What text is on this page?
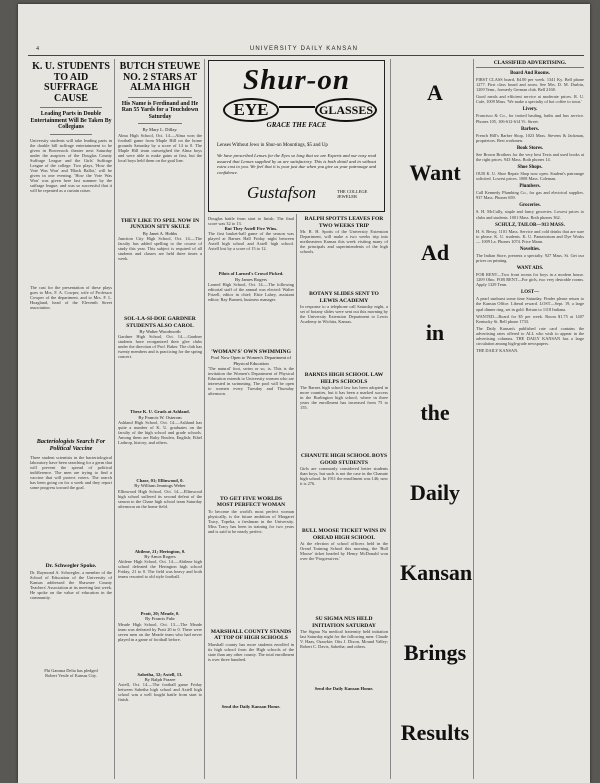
4	UNIVERSITY DAILY KANSAN
K. U. STUDENTS TO AID SUFFRAGE CAUSE
Leading Parts in Double Entertainment Will Be Taken By Collegians
University students will take leading parts in the double bill suffrage entertainment to be given in Bowersock theater next Saturday under the auspices of the Douglas County Suffrage League and the Girls' Suffrage League of the college. Two plays, 'How the Vote Was Won' and 'Black Ballot,' will be given in one evening. 'How the Vote Was Won' was given here last summer by the suffrage league, and was so successful that it will be repeated as a curtain raiser.
The cast for the presentation of these plays goes to Mrs. F. A. Cowper, wife of Professor Cowper of the department, and to Mrs. F. L. Hoagland, head of the Eleventh Street association.
Bacteriologists Search For Political Vaccine
Three student scientists in the bacteriological laboratory have been searching for a germ that will prevent the spread of political indifference. The men are trying to find a vaccine that will protect voters. The search has been going on for a week and they report some progress toward the goal.
Dr. Schwegler Spoke.
Dr. Raymond A. Schwegler, a member of the School of Education of the University of Kansas addressed the Shawnee County Teachers' Association at its meeting last week. He spoke on the value of education in the community.
Phi Gamma Delta has pledged
Robert Vestle of Kansas City.
BUTCH STEUWE NO. 2 STARS AT ALMA HIGH
His Name is Ferdinand and He Ran 55 Yards for a Touchdown Saturday
By Mary L. Dillay.
Alma High School, Oct. 14.—Alma won the football game from Maple Hill on the home grounds Saturday by a score of 14 to 0. The Maple Hill team outweighed the Alma boys and were able to make gains at first, but the local boys held them on the goal line.
THEY LIKE TO SPEL NOW IN JUNXION SITY SKULE
By Janet A. Hobbs
Junction City High School, Oct. 14.—The faculty has added spelling to the course of study this year. This subject is required of all students and classes are held three times a week.
SOL-LA-SI-DOE GARDNER STUDENTS ALSO CAROL
By Walter Woodworth
Gardner High School, Oct. 14.—Gardner students have reorganized their glee clubs under the direction of Prof. Baker. The club has twenty members and is practicing for the spring concert.
These K. U. Grads at Ashland.
By Francis W. Osterom
Ashland High School, Oct. 14.—Ashland has quite a number of K. U. graduates on the faculty of the high school and grade schools. Among them are Ruby Boulen, English; Ethel Lathrop, history; and others.
Chase, 01; Ellinwood, 0.
By William Jennings Weber
Ellinwood High School, Oct. 14.—Ellinwood high school suffered its second defeat of the season to the Chase high school team Saturday afternoon on the home field.
Abilene, 21; Herington, 0.
By Amos Rogers
Abilene High School, Oct. 14.—Abilene high school defeated the Herington high school Friday, 21 to 0. The field was heavy and both teams resorted to old style football.
Pratt, 20; Meade, 0.
By Francis Fuhr
Meade High School, Oct. 13.—The Meade team was defeated by Pratt 20 to 0. There were seven men on the Meade team who had never played in a game of football before.
Sabetha, 32; Axtell, 13.
By Ralph Frazee
Axtell, Oct. 14.—The football game Friday between Sabetha high school and Axtell high school was a well fought battle from start to finish.
Shur-on
EYE	GLASSES
GRACE THE FACE
Lenses Without Jews in Shur-on Mountings, $5 and Up
We have prescribed Lenses for the Eyes so long that we are Experts and our easy read assured that Lenses supplied by us are satisfactory. This is both detail and in without extra cost to you. We feel that it is your just due when you give us your patronage and confidence.
Gustafson	THE COLLEGE JEWELER
Douglas battle from start to finish. The final score was 32 to 13.
But They Axtell Five Wins.
The first basket-ball game of the season was played at Barnes Hall Friday night between Axtell high school and Axtell high school. Axtell lost by a score of 15 to 12.
Pilots of Larned's Crowd Picked.
By James Rogers
Larned High School, Oct. 14.—The following editorial staff of the annual was elected: Walter Frizell, editor in chief; Elsie Lahey, assistant editor; Ray Burnett, business manager.
'WOMAN'S' OWN SWIMMING
Pool Now Open to Women's Department of Physical Education
'The natural' foot, swim or so, is. This is the invitation the Women's Department of Physical Education extends to University women who are interested in swimming. The pool will be open to women every Tuesday and Thursday afternoon.
TO GET FIVE WORLDS
MOST PERFECT WOMAN
To become the world's most perfect woman physically, is the future ambition of Margaret Tracy, Topeka, a freshman in the University. Miss Tracy has been in training for two years and is said to be nearly perfect.
MARSHALL COUNTY STANDS AT TOP OF HIGH SCHOOLS
Marshall county has more students enrolled in its high school from the High schools of the state than any other county. The total enrollment is over three hundred.
Send the Daily Kansan Home.
RALPH SPOTTS LEAVES FOR TWO WEEKS TRIP
Mr. R. H. Spotts of the University Extension Department, will make a two weeks trip into northeastern Kansas this week visiting many of the principals and superintendents of the high schools.
BOTANY SLIDES SENT TO LEWIS ACADEMY
In response to a telephone call Saturday night, a set of botany slides were sent out this morning by the University Extension Department to Lewis Academy in Wichita, Kansas.
BARNES HIGH SCHOOL LAW HELPS SCHOOLS
The Barnes high school law has been adopted in more counties, but it has been a marked success in the Burlington high school, where in three years the enrollment has increased from 75 to 155.
CHANUTE HIGH SCHOOL BOYS GOOD STUDENTS
Girls are commonly considered better students than boys, but such is not the case in the Chanute high school. In 1911 the enrollment was 146; now it is 276.
BULL MOOSE TICKET WINS IN OREAD HIGH SCHOOL
At the election of school officers held in the Oread Training School this morning, the 'Bull Moose' ticket headed by Henry McDonald won over the 'Progressives.'
SU SIGMA NUS HELD INITIATION SATURDAY
The Sigma Nu medical fraternity held initiation last Saturday night for the following men: Claude V. Haas, Ozawkie; Otis J. Dixon, Mound Valley; Robert C. Davis, Sabetha; and others.
Send the Daily Kansan Home.
A
Want
Ad
in
the
Daily
Kansan
Brings
Results
CLASSIFIED ADVERTISING.
Board And Rooms.
FIRST CLASS board, $4.00 per week. 1341 Ky. Bell phone 1277. First class board and room. See Mrs. D. M. Durbin, 1209 Tenn., formerly German club. Bell 2168.
Good meals and efficient service at moderate prices. R. U. Cafe, 1009 Mass. 'We make a specialty of hot coffee to town.'
Livery.
Francisco & Co., for trotted hauling, baths and bus service. Phones 105, 106-612-614 Vt. Street.
Barbers.
French Hill's Barber Shop, 1023 Mass. Stevens & Jackman, proprietors. Best workmen.
Book Stores.
See Brown Brothers for the very best Texts and used books at the right prices. 943 Mass. Both phones 14.
Shoe Shops.
OUR K. U. Shoe Repair Shop now open. Student's patronage solicited. Lowest prices. 1008 Mass. Coleman.
Plumbers.
Call Kennedy Plumbing Co., for gas and electrical supplies. 937 Mass. Phones 659.
Groceries.
S. H. McCully, staple and fancy groceries. Lowest prices to clubs and students. 1001 Mass. Both phones 362.
SCHULZ, TAILOR—913 MASS.
H. S. Bessy, 1101 Mass. Service and cold drinks that are sure to please. K. U. students. K. U. Pantatorium and Dye Works — 1009 La. Phones 1074. Price Mann.
Novelties.
The Indian Store, presents a specialty. 927 Mass. St. Get our prices on printing.
WANT ADS.
FOR RENT—Two front rooms for boys in a modern house. 1209 Ohio. FOR RENT—For girls, two very desirable rooms. Apply 1329 Tenn.
LOST—
A pearl sunburst some time Saturday. Finder please return to the Kansan Office. Liberal reward. LOST—Sept. 19, a large opal dinner ring, set in gold. Return to 1118 Indiana.
WANTED—Board for $5 per week. Room $1.75 at 1407 Kentucky St. Bell phone 1733.
The Daily Kansan's published rate card contains the advertising rates offered to ALL who wish to appear in the advertising columns. THE DAILY KANSAN has a large circulation among high-grade newspapers.
THE DAILY KANSAN.
